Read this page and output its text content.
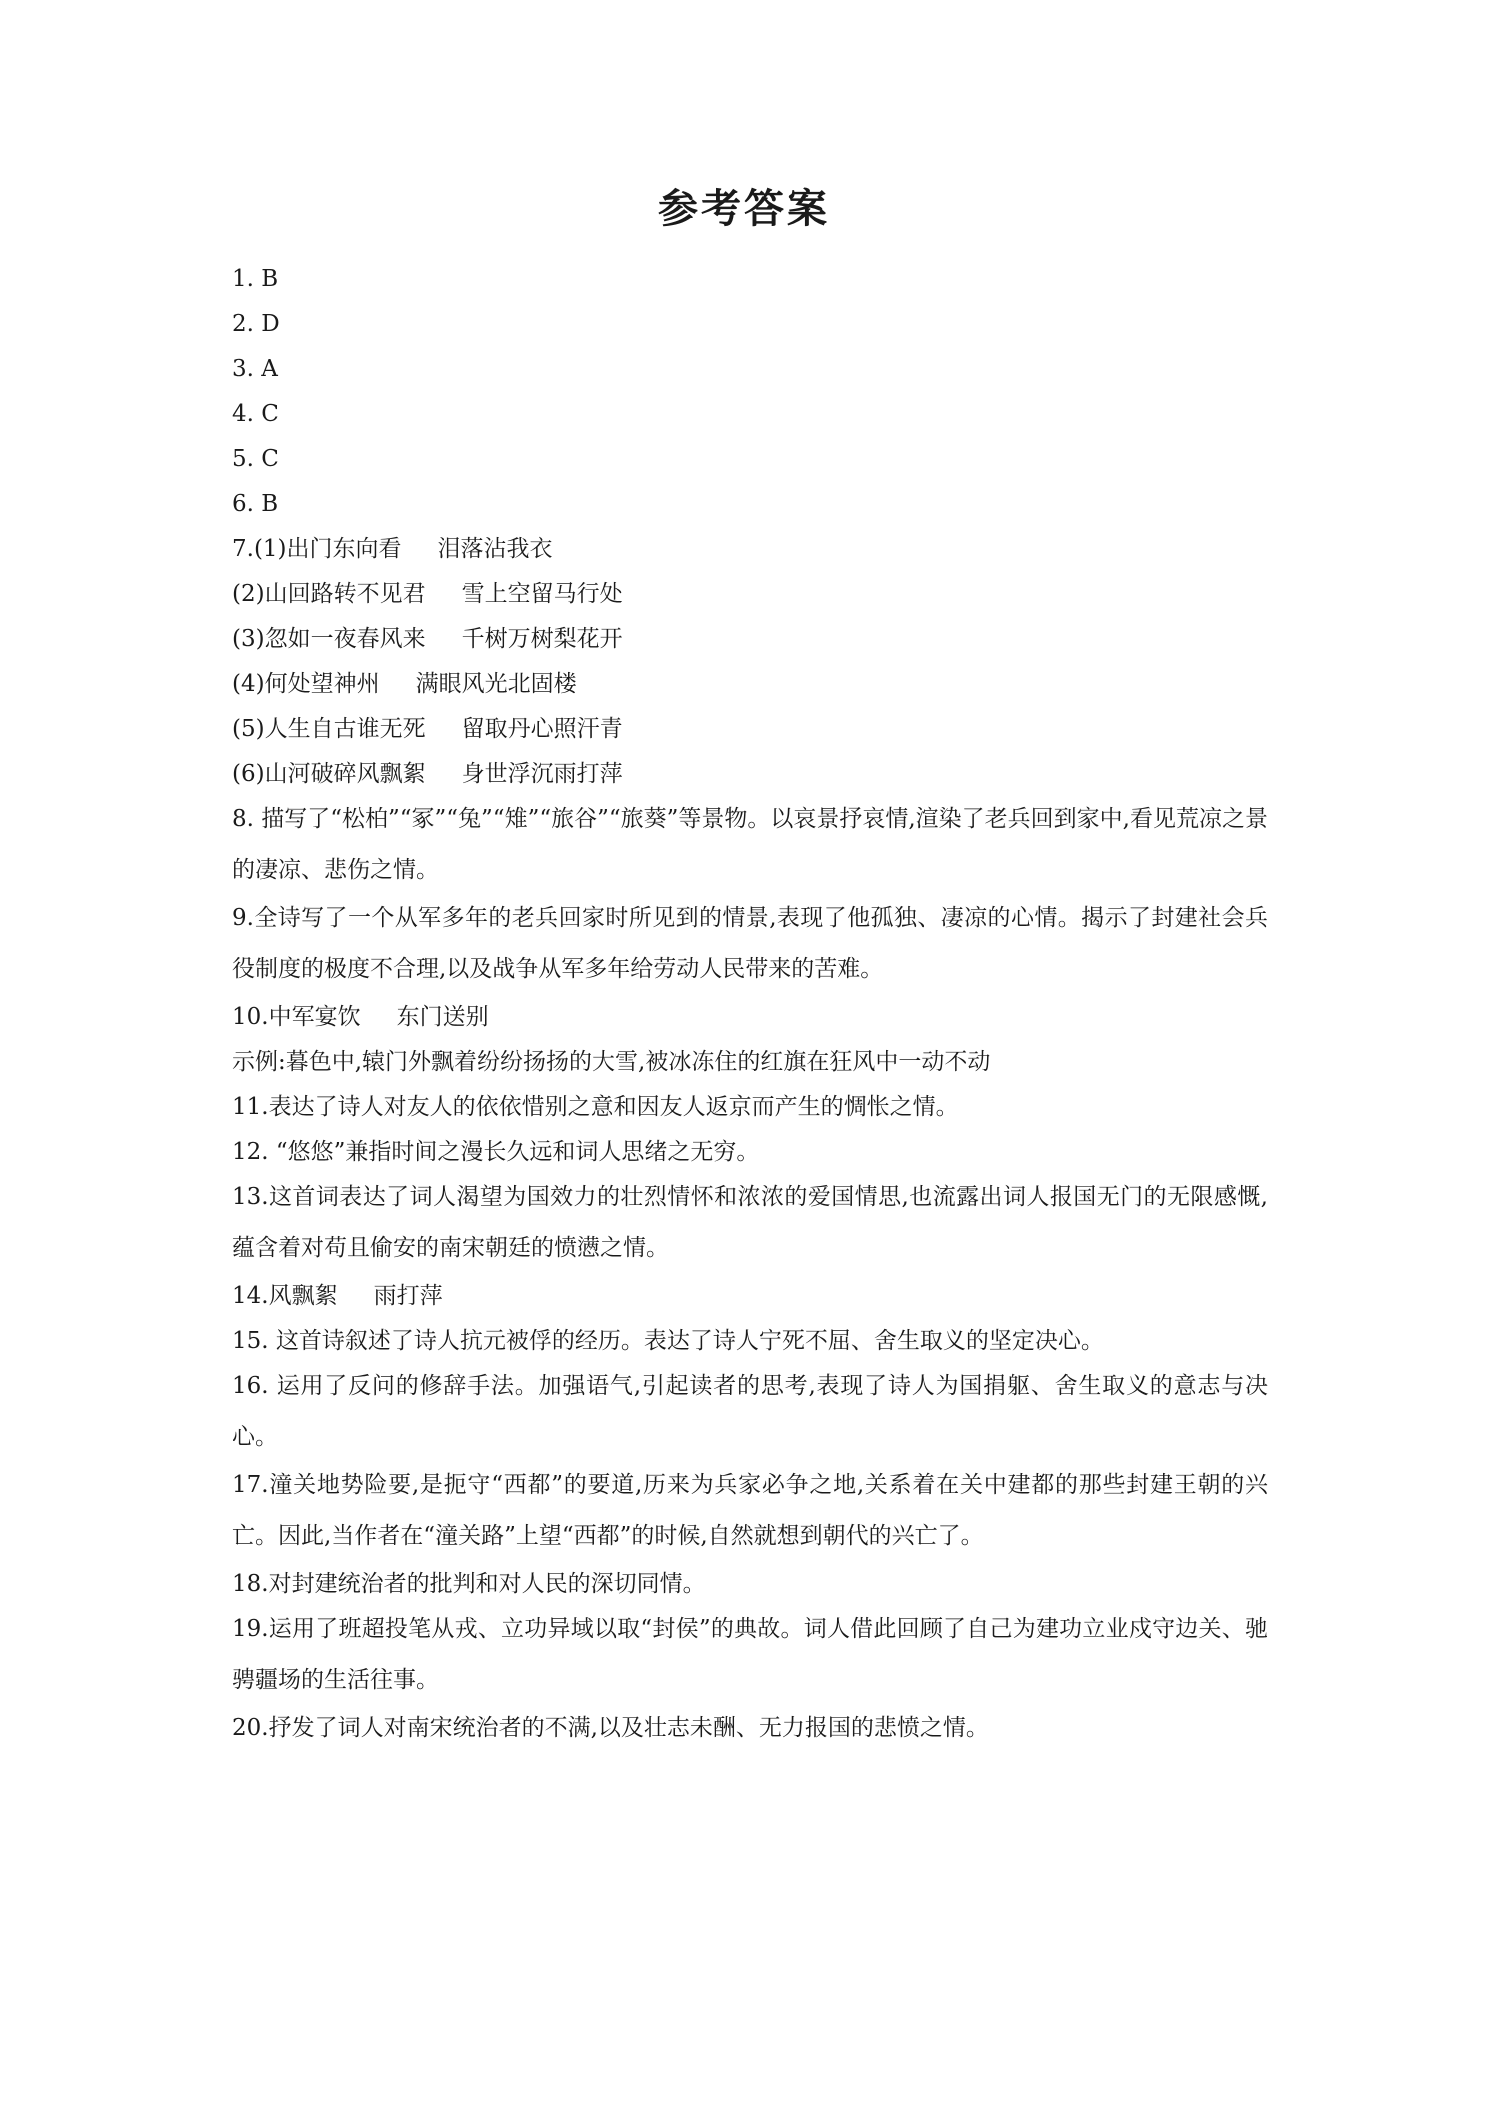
参考答案
1. B
2. D
3. A
4. C
5. C
6. B
7.(1)出门东向看 泪落沾我衣
(2)山回路转不见君 雪上空留马行处
(3)忽如一夜春风来 千树万树梨花开
(4)何处望神州 满眼风光北固楼
(5)人生自古谁无死 留取丹心照汗青
(6)山河破碎风飘絮 身世浮沉雨打萍
8. 描写了“松柏”“冢”“兔”“雉”“旅谷”“旅葵”等景物。以哀景抒哀情,渲染了老兵回到家中,看见荒凉之景的凄凉、悲伤之情。
9.全诗写了一个从军多年的老兵回家时所见到的情景,表现了他孤独、凄凉的心情。揭示了封建社会兵役制度的极度不合理,以及战争从军多年给劳动人民带来的苦难。
10.中军宴饮 东门送别
示例:暮色中,辕门外飘着纷纷扬扬的大雪,被冰冻住的红旗在狂风中一动不动
11.表达了诗人对友人的依依惜别之意和因友人返京而产生的惆怅之情。
12. “悠悠”兼指时间之漫长久远和词人思绪之无穷。
13.这首词表达了词人渴望为国效力的壮烈情怀和浓浓的爱国情思,也流露出词人报国无门的无限感慨,蕴含着对苟且偷安的南宋朝廷的愤懑之情。
14.风飘絮 雨打萍
15. 这首诗叙述了诗人抗元被俘的经历。表达了诗人宁死不屈、舍生取义的坚定决心。
16. 运用了反问的修辞手法。加强语气,引起读者的思考,表现了诗人为国捐躯、舍生取义的意志与决心。
17.潼关地势险要,是扼守“西都”的要道,历来为兵家必争之地,关系着在关中建都的那些封建王朝的兴亡。因此,当作者在“潼关路”上望“西都”的时候,自然就想到朝代的兴亡了。
18.对封建统治者的批判和对人民的深切同情。
19.运用了班超投笔从戎、立功异域以取“封侯”的典故。词人借此回顾了自己为建功立业戍守边关、驰骋疆场的生活往事。
20.抒发了词人对南宋统治者的不满,以及壮志未酬、无力报国的悲愤之情。
